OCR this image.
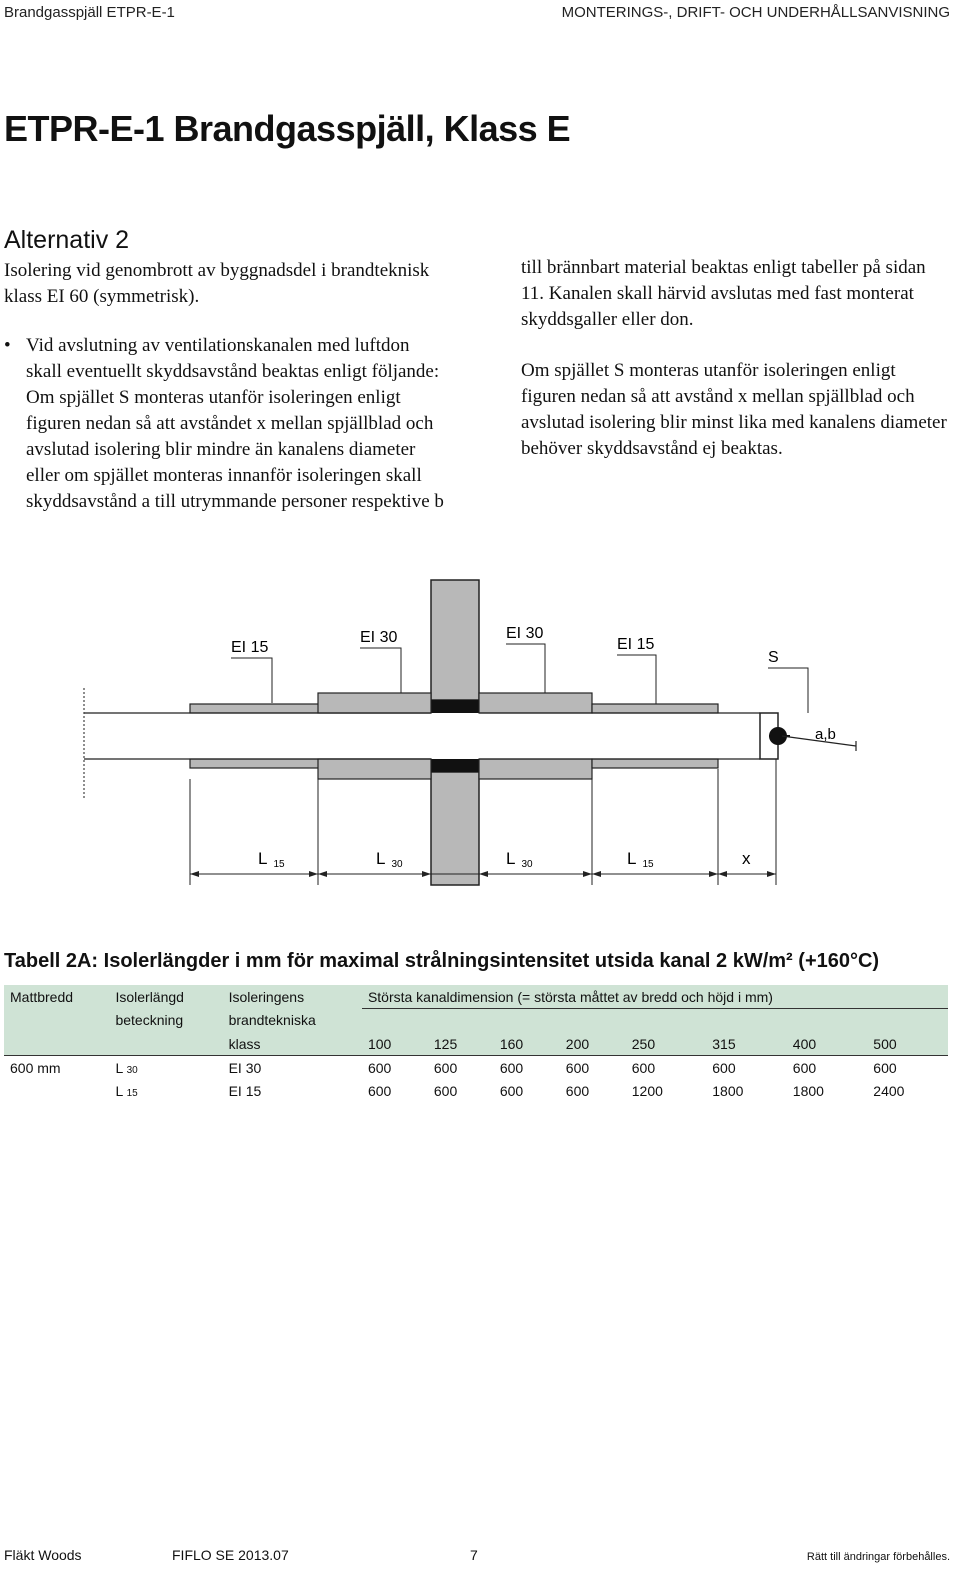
Brandgasspjäll ETPR-E-1	MONTERINGS-, DRIFT- OCH UNDERHÅLLSANVISNING
ETPR-E-1 Brandgasspjäll, Klass E
Alternativ 2
Isolering vid genombrott av byggnadsdel i brandteknisk klass EI 60 (symmetrisk).
• Vid avslutning av ventilationskanalen med luftdon skall eventuellt skyddsavstånd beaktas enligt följande: Om spjället S monteras utanför isoleringen enligt figuren nedan så att avståndet x mellan spjällblad och avslutad isolering blir mindre än kanalens diameter eller om spjället monteras innanför isoleringen skall skyddsavstånd a till utrymmande personer respektive b
till brännbart material beaktas enligt tabeller på sidan 11. Kanalen skall härvid avslutas med fast monterat skyddsgaller eller don.
Om spjället S monteras utanför isoleringen enligt figuren nedan så att avstånd x mellan spjällblad och avslutad isolering blir minst lika med kanalens diameter behöver skyddsavstånd ej beaktas.
a,b
EI 15
EI 30	EI 30
EI 15
S
L 15	L 30	L 30	L 15	x
Tabell 2A: Isolerlängder i mm för maximal strålningsintensitet utsida kanal 2 kW/m² (+160°C)
Mattbredd	Isolerlängd	Isoleringens	Största kanaldimension (= största måttet av bredd och höjd i mm)							
	beteckning	brandtekniska								
		klass	100	125	160	200	250	315	400	500
600 mm	L 30	EI 30	600	600	600	600	600	600	600	600
	L 15	EI 15	600	600	600	600	1200	1800	1800	2400
Fläkt Woods	FIFLO SE 2013.07	7	Rätt till ändringar förbehålles.
